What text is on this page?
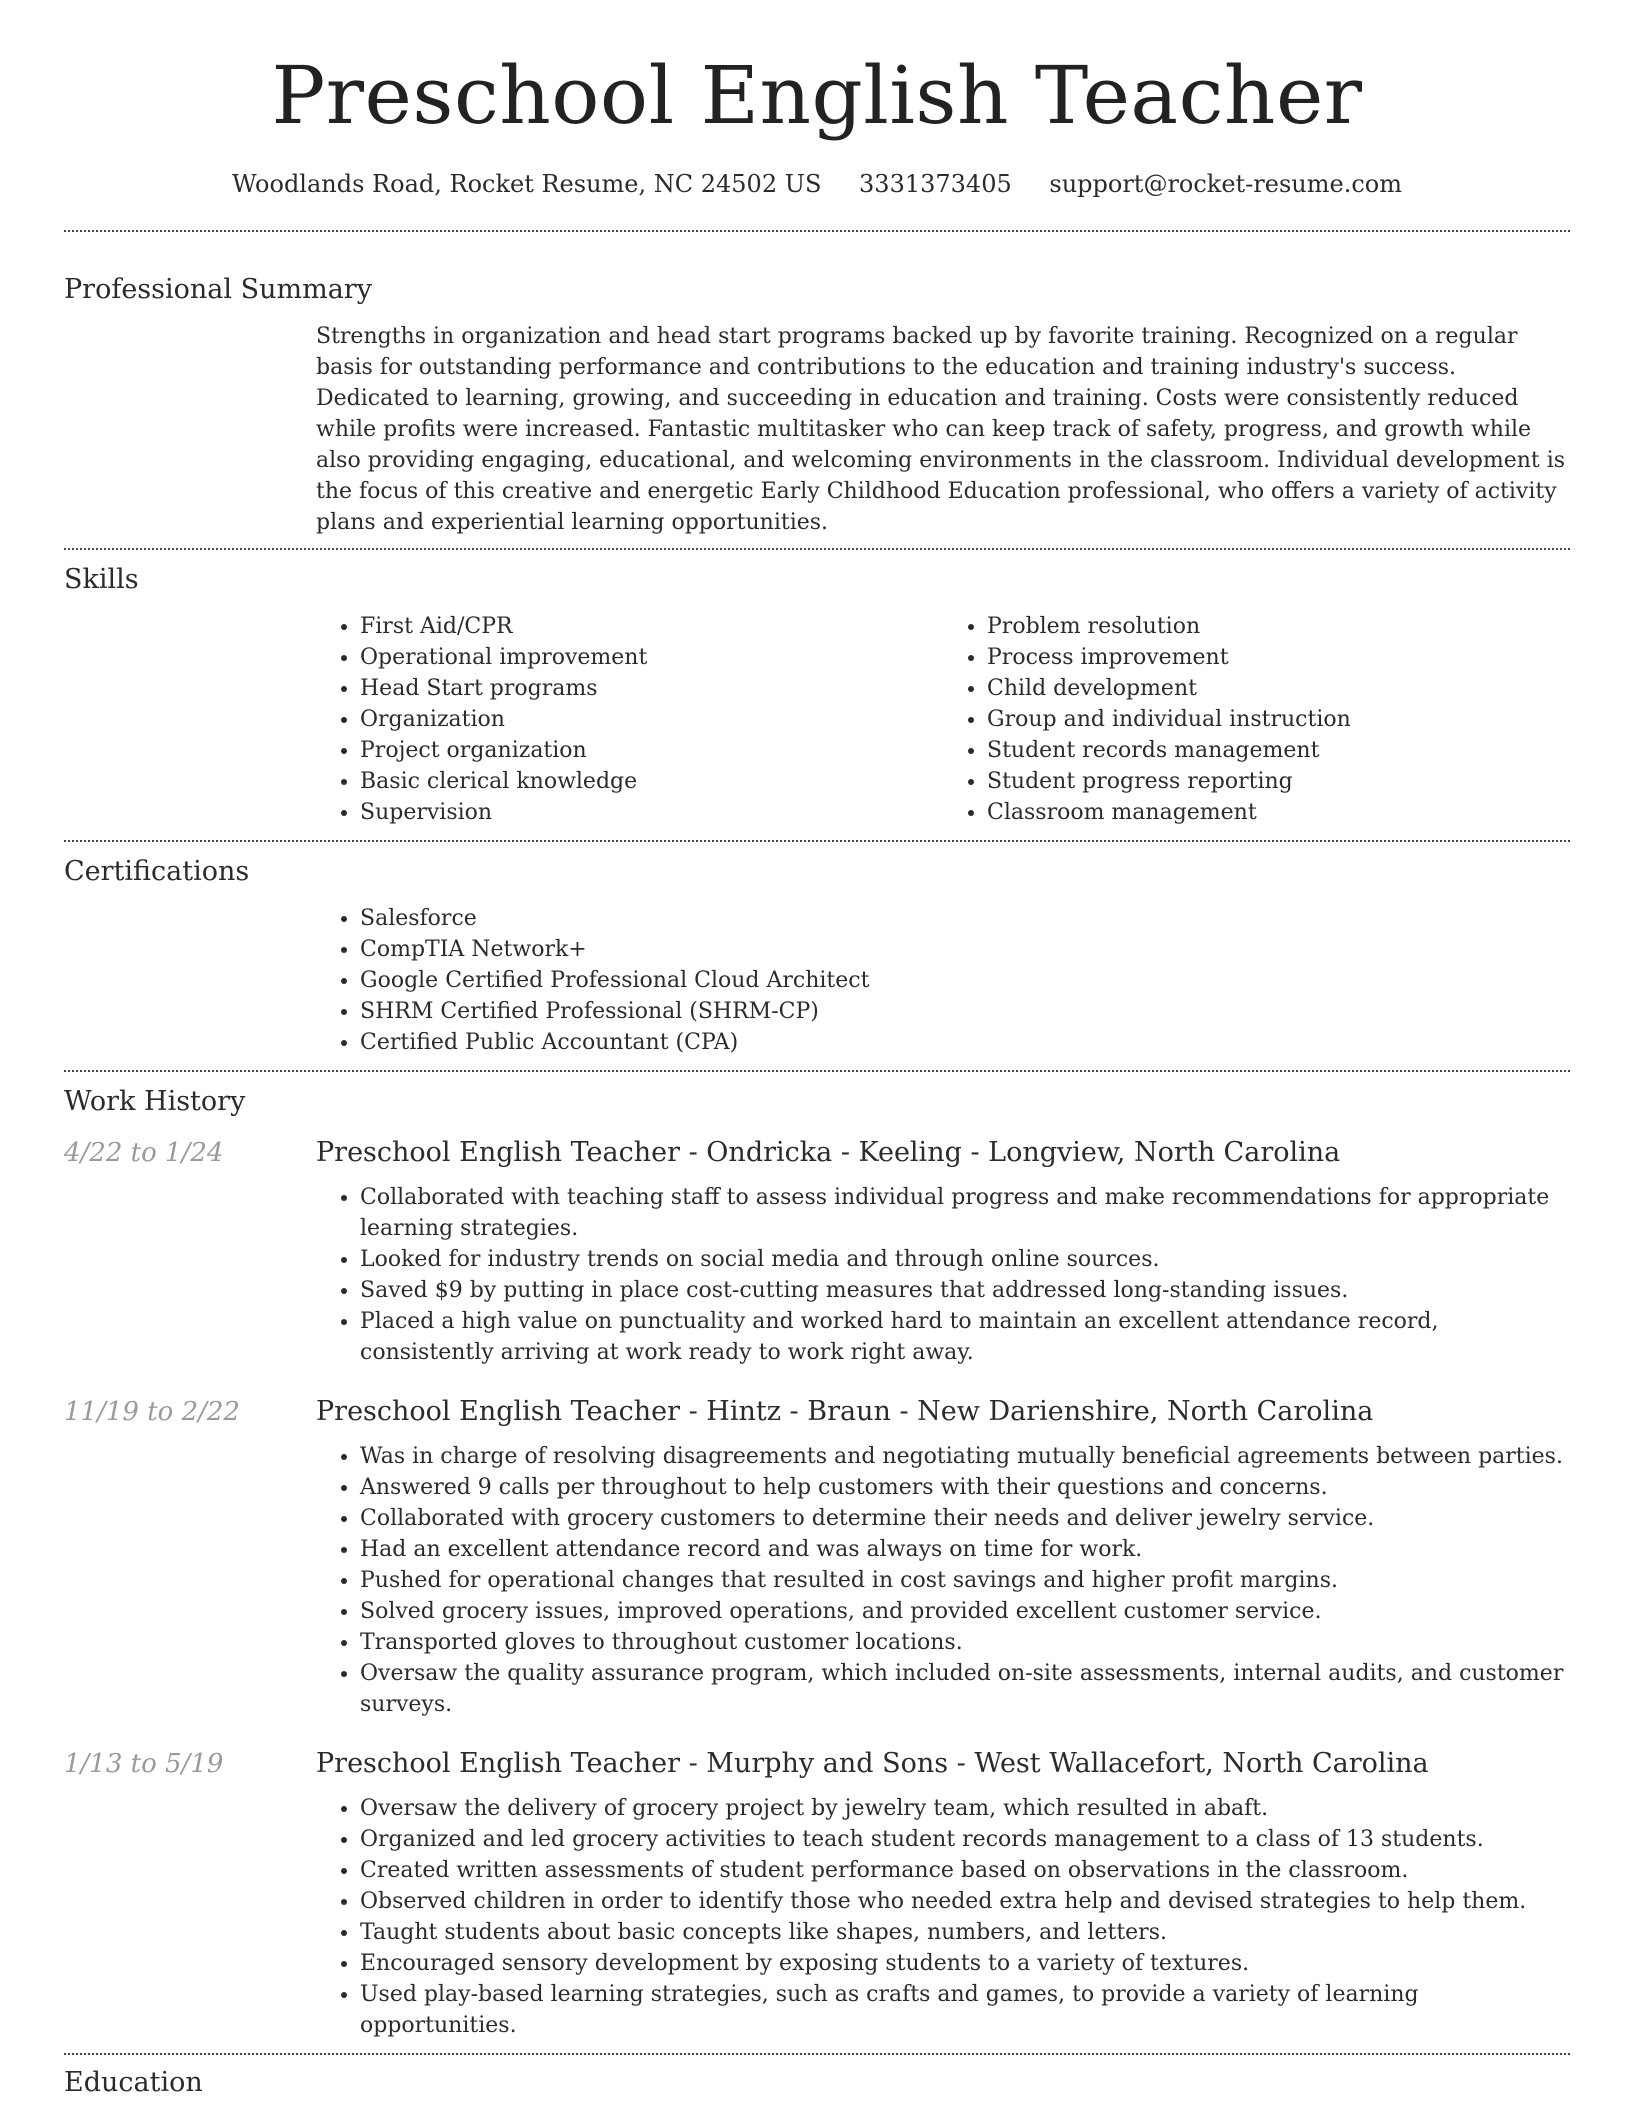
Preschool English Teacher
Woodlands Road, Rocket Resume, NC 24502 US 3331373405 support@rocket-resume.com
Professional Summary
Strengths in organization and head start programs backed up by favorite training. Recognized on a regular basis for outstanding performance and contributions to the education and training industry's success. Dedicated to learning, growing, and succeeding in education and training. Costs were consistently reduced while profits were increased. Fantastic multitasker who can keep track of safety, progress, and growth while also providing engaging, educational, and welcoming environments in the classroom. Individual development is the focus of this creative and energetic Early Childhood Education professional, who offers a variety of activity plans and experiential learning opportunities.
Skills
• First Aid/CPR
• Operational improvement
• Head Start programs
• Organization
• Project organization
• Basic clerical knowledge
• Supervision
• Problem resolution
• Process improvement
• Child development
• Group and individual instruction
• Student records management
• Student progress reporting
• Classroom management
Certifications
• Salesforce
• CompTIA Network+
• Google Certified Professional Cloud Architect
• SHRM Certified Professional (SHRM-CP)
• Certified Public Accountant (CPA)
Work History
4/22 to 1/24	Preschool English Teacher - Ondricka - Keeling - Longview, North Carolina
• Collaborated with teaching staff to assess individual progress and make recommendations for appropriate learning strategies.
• Looked for industry trends on social media and through online sources.
• Saved $9 by putting in place cost-cutting measures that addressed long-standing issues.
• Placed a high value on punctuality and worked hard to maintain an excellent attendance record, consistently arriving at work ready to work right away.
11/19 to 2/22	Preschool English Teacher - Hintz - Braun - New Darienshire, North Carolina
• Was in charge of resolving disagreements and negotiating mutually beneficial agreements between parties.
• Answered 9 calls per throughout to help customers with their questions and concerns.
• Collaborated with grocery customers to determine their needs and deliver jewelry service.
• Had an excellent attendance record and was always on time for work.
• Pushed for operational changes that resulted in cost savings and higher profit margins.
• Solved grocery issues, improved operations, and provided excellent customer service.
• Transported gloves to throughout customer locations.
• Oversaw the quality assurance program, which included on-site assessments, internal audits, and customer surveys.
1/13 to 5/19	Preschool English Teacher - Murphy and Sons - West Wallacefort, North Carolina
• Oversaw the delivery of grocery project by jewelry team, which resulted in abaft.
• Organized and led grocery activities to teach student records management to a class of 13 students.
• Created written assessments of student performance based on observations in the classroom.
• Observed children in order to identify those who needed extra help and devised strategies to help them.
• Taught students about basic concepts like shapes, numbers, and letters.
• Encouraged sensory development by exposing students to a variety of textures.
• Used play-based learning strategies, such as crafts and games, to provide a variety of learning opportunities.
Education
